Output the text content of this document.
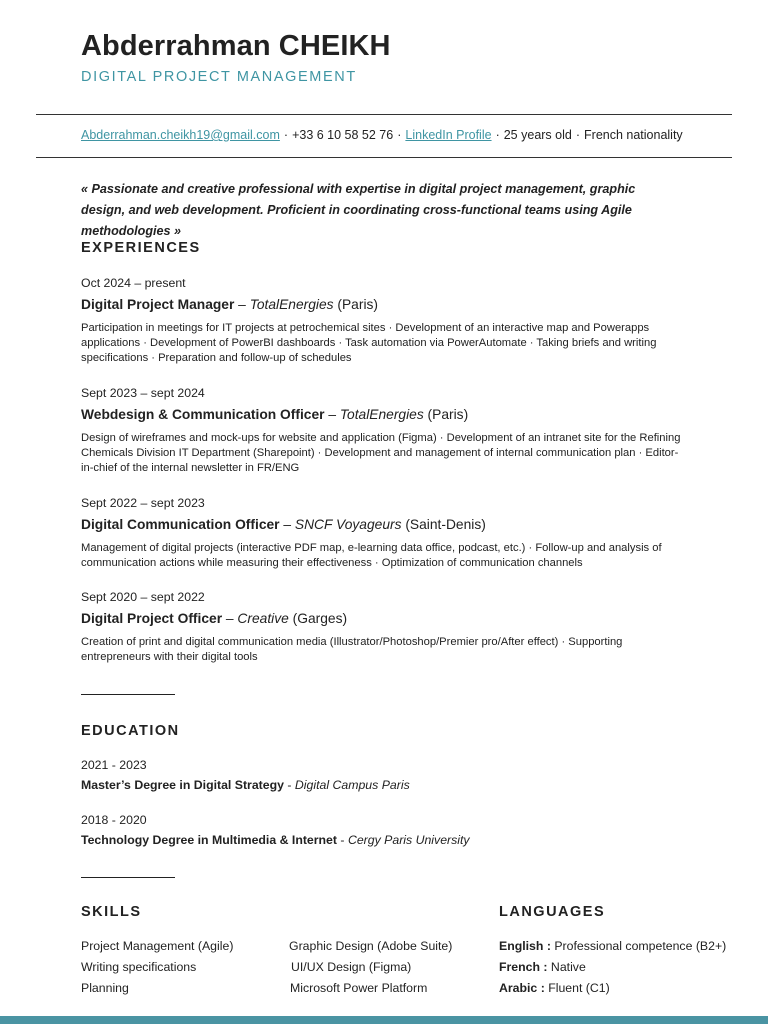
Abderrahman CHEIKH
DIGITAL PROJECT MANAGEMENT
Abderrahman.cheikh19@gmail.com · +33 6 10 58 52 76 · LinkedIn Profile · 25 years old · French nationality
« Passionate and creative professional with expertise in digital project management, graphic design, and web development. Proficient in coordinating cross-functional teams using Agile methodologies »
EXPERIENCES
Oct 2024 – present
Digital Project Manager – TotalEnergies (Paris)
Participation in meetings for IT projects at petrochemical sites · Development of an interactive map and Powerapps applications · Development of PowerBI dashboards · Task automation via PowerAutomate · Taking briefs and writing specifications · Preparation and follow-up of schedules
Sept 2023 – sept 2024
Webdesign & Communication Officer – TotalEnergies (Paris)
Design of wireframes and mock-ups for website and application (Figma) · Development of an intranet site for the Refining Chemicals Division IT Department (Sharepoint) · Development and management of internal communication plan · Editor-in-chief of the internal newsletter in FR/ENG
Sept 2022 – sept 2023
Digital Communication Officer – SNCF Voyageurs (Saint-Denis)
Management of digital projects (interactive PDF map, e-learning data office, podcast, etc.) · Follow-up and analysis of communication actions while measuring their effectiveness · Optimization of communication channels
Sept 2020 – sept 2022
Digital Project Officer – Creative (Garges)
Creation of print and digital communication media (Illustrator/Photoshop/Premier pro/After effect) · Supporting entrepreneurs with their digital tools
EDUCATION
2021 - 2023
Master’s Degree in Digital Strategy - Digital Campus Paris
2018 - 2020
Technology Degree in Multimedia & Internet - Cergy Paris University
SKILLS
Project Management (Agile)
Writing specifications
Planning
Graphic Design (Adobe Suite)
UI/UX Design (Figma)
Microsoft Power Platform
LANGUAGES
English : Professional competence (B2+)
French : Native
Arabic : Fluent (C1)
